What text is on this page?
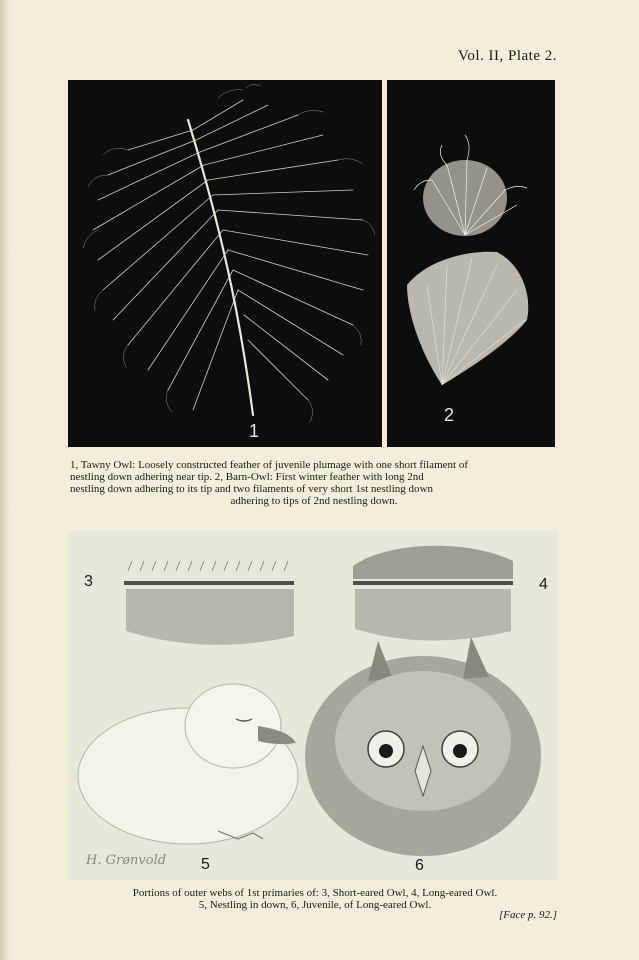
Vol. II, Plate 2.
1
2
1, Tawny Owl: Loosely constructed feather of juvenile plumage with one short filament of
nestling down adhering near tip. 2, Barn-Owl: First winter feather with long 2nd
nestling down adhering to its tip and two filaments of very short 1st nestling down

adhering to tips of 2nd nestling down.
3	4
5	6
H. Grønvold
Portions of outer webs of 1st primaries of: 3, Short-eared Owl, 4, Long-eared Owl.
5, Nestling in down, 6, Juvenile, of Long-eared Owl.
[Face p. 92.]
